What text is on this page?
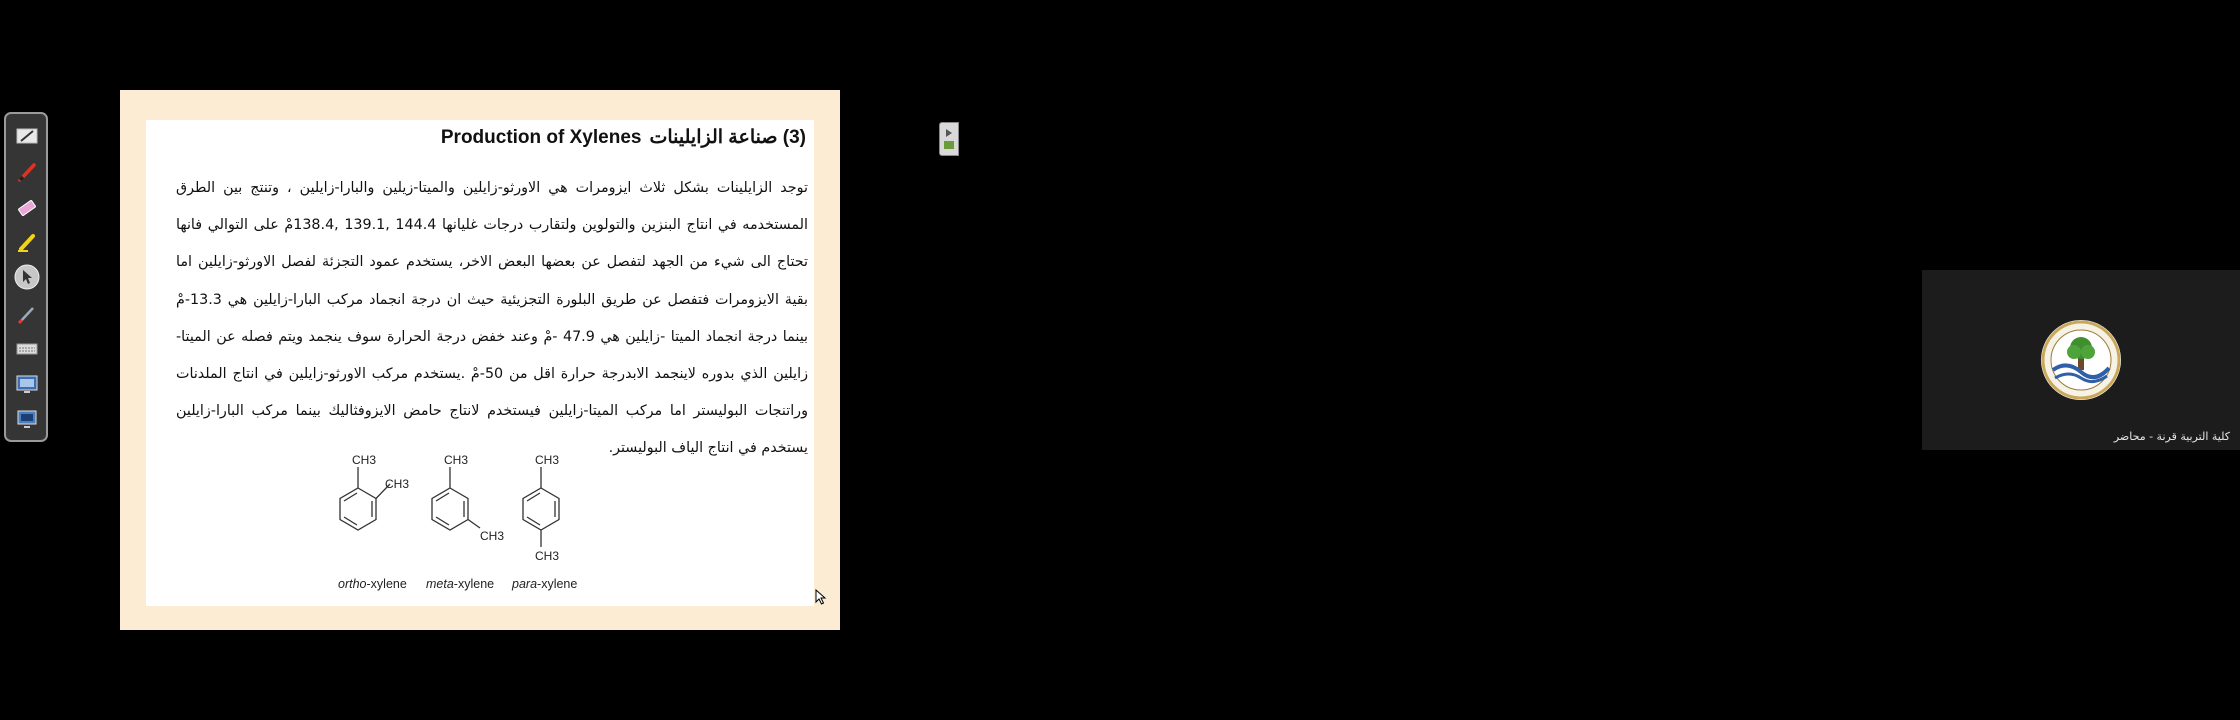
Production of Xylenes (3) صناعة الزايلينات

توجد الزايلينات بشكل ثلاث ايزومرات هي الاورثو-زايلين والميتا-زيلين والبارا-زايلين ، وتنتج بين الطرق المستخدمه في انتاج البنزين والتولوين ولتقارب درجات غليانها 144.4 ,139.1 ,138.4مْ على التوالي فانها تحتاج الى شيء من الجهد لتفصل عن بعضها البعض الاخر، يستخدم عمود التجزئة لفصل الاورثو-زايلين اما بقية الايزومرات فتفصل عن طريق البلورة التجزيئية حيث ان درجة انجماد مركب البارا-زايلين هي 13.3-مْ بينما درجة انجماد الميتا -زايلين هي 47.9 -مْ وعند خفض درجة الحرارة سوف ينجمد ويتم فصله عن الميتا-زايلين الذي بدوره لاينجمد الابدرجة حرارة اقل من 50-مْ .يستخدم مركب الاورثو-زايلين في انتاج الملدنات وراتنجات البوليستر اما مركب الميتا-زايلين فيستخدم لانتاج حامض الايزوفثاليك بينما مركب البارا-زايلين يستخدم في انتاج الياف البوليستر.

CH3
CH3
ortho-xylene
CH3
CH3
meta-xylene
CH3
CH3
para-xylene
كلية التربية قرنة - محاضر
